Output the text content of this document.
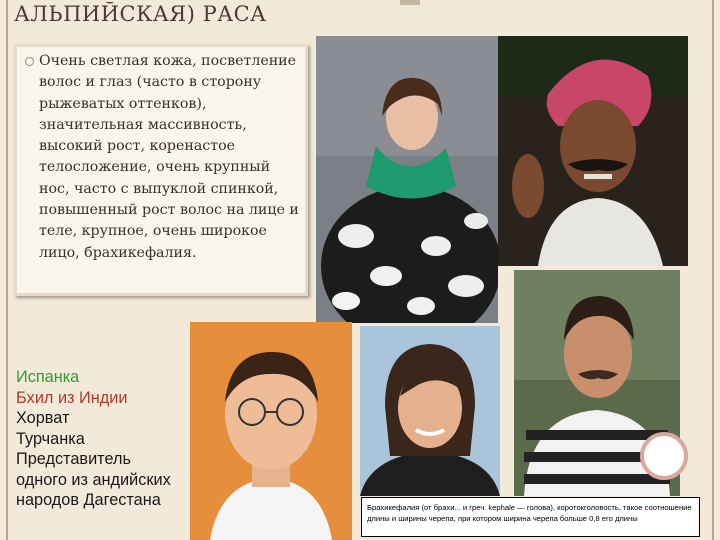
АЛЬПИЙСКАЯ) РАСА
Очень светлая кожа, посветление волос и глаз (часто в сторону рыжеватых оттенков), значительная массивность, высокий рост, коренастое телосложение, очень крупный нос, часто с выпуклой спинкой, повышенный рост волос на лице и теле, крупное, очень широкое лицо, брахикефалия.
Испанка
Бхил из Индии
Хорват
Турчанка
Представитель
одного из андийских
народов Дагестана	Брахикефалия (от брахи... и греч. kephale — голова), коротокголовость, такое соотношение длины и ширины черепа, при котором ширина черепа больше 0,8 его длины
